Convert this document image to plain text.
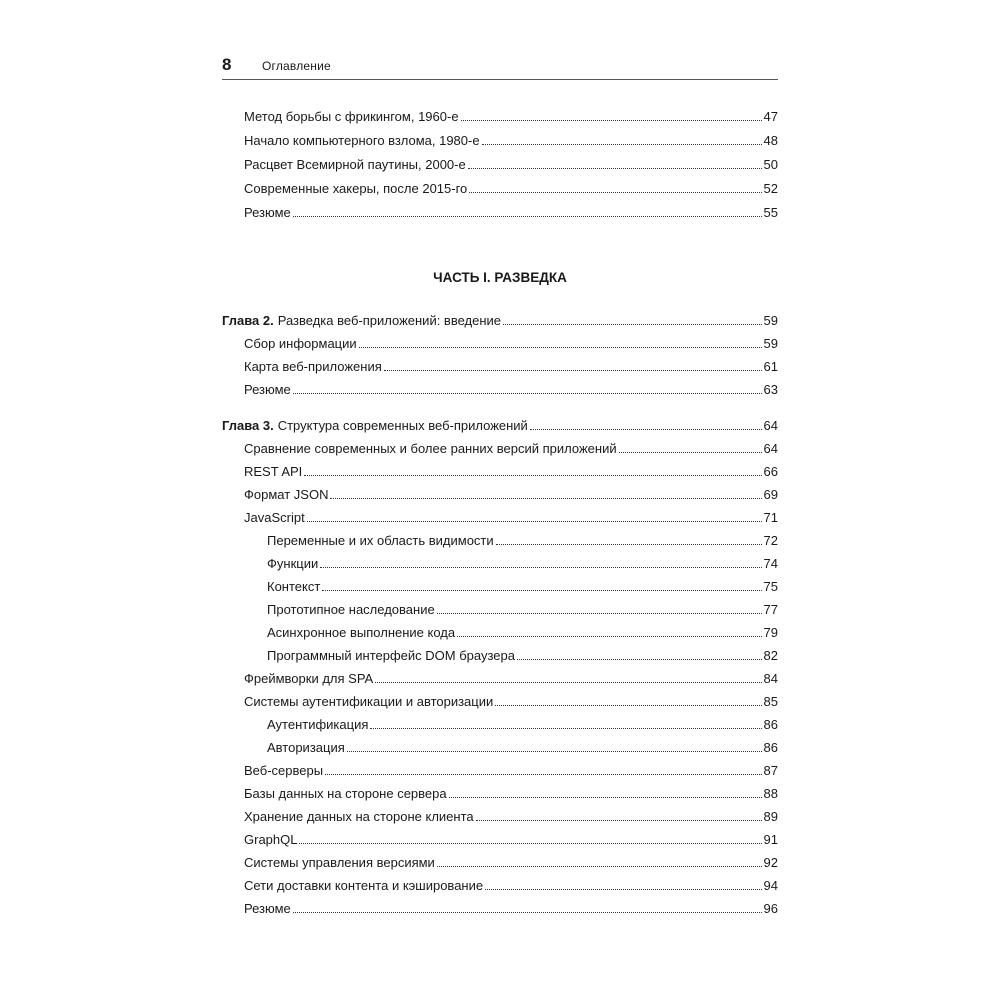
8	Оглавление
Метод борьбы с фрикингом, 1960-е	47
Начало компьютерного взлома, 1980-е	48
Расцвет Всемирной паутины, 2000-е	50
Современные хакеры, после 2015-го	52
Резюме	55
ЧАСТЬ I. РАЗВЕДКА
Глава 2. Разведка веб-приложений: введение	59
Сбор информации	59
Карта веб-приложения	61
Резюме	63
Глава 3. Структура современных веб-приложений	64
Сравнение современных и более ранних версий приложений	64
REST API	66
Формат JSON	69
JavaScript	71
Переменные и их область видимости	72
Функции	74
Контекст	75
Прототипное наследование	77
Асинхронное выполнение кода	79
Программный интерфейс DOM браузера	82
Фреймворки для SPA	84
Системы аутентификации и авторизации	85
Аутентификация	86
Авторизация	86
Веб-серверы	87
Базы данных на стороне сервера	88
Хранение данных на стороне клиента	89
GraphQL	91
Системы управления версиями	92
Сети доставки контента и кэширование	94
Резюме	96
